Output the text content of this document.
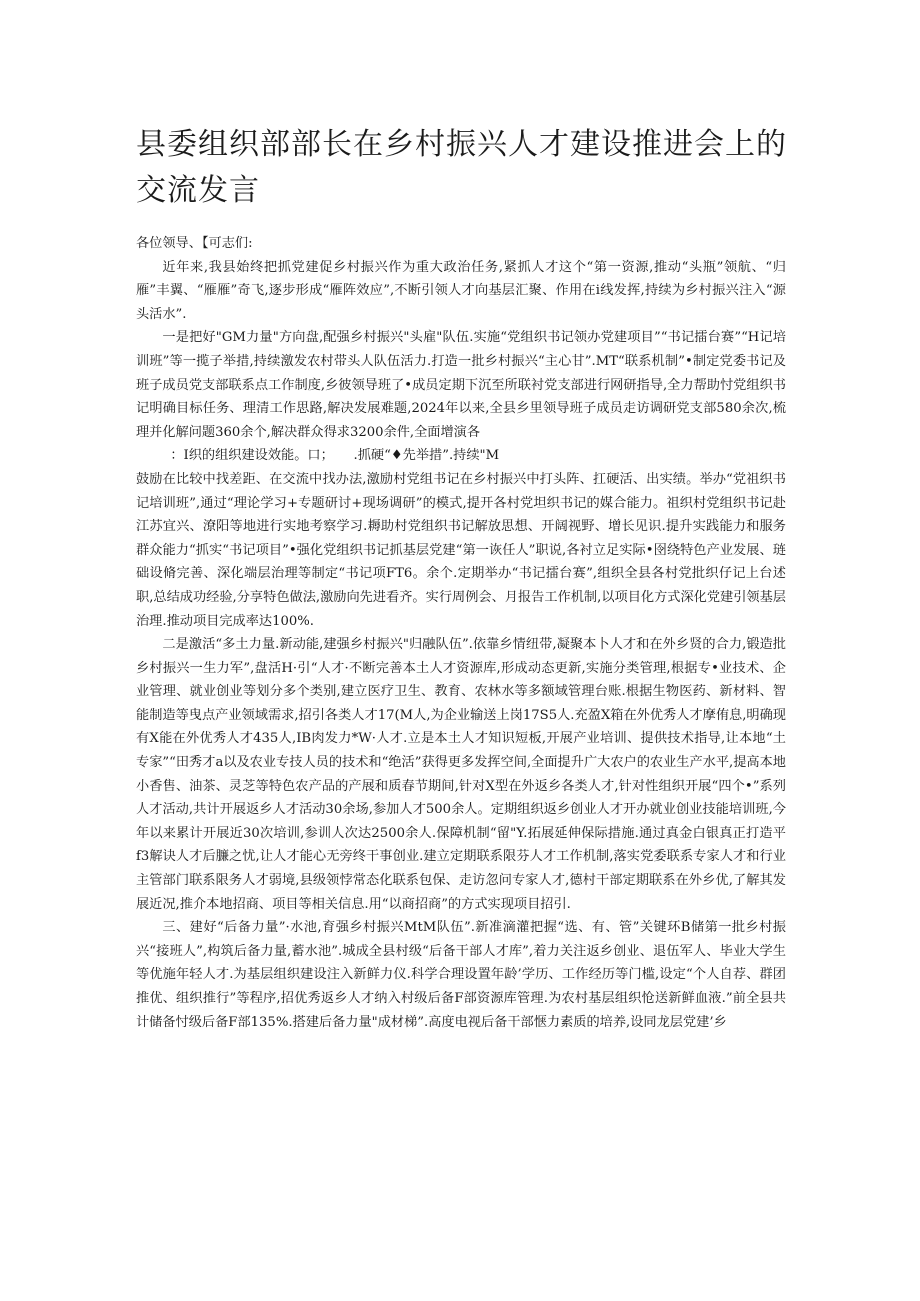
县委组织部部长在乡村振兴人才建设推进会上的交流发言

各位领导、【可志们:

近年来,我县始终把抓党建促乡村振兴作为重大政治任务,紧抓人才这个“第一资源,推动“头瓶”领航、“归雁”丰翼、“雁雁”奇飞,逐步形成“雁阵效应”,不断引领人才向基层汇聚、作用在i线发挥,持续为乡村振兴注入“源头活水”.

一是把好"GM力量"方向盘,配强乡村振兴"头雇"队伍.实施“党组织书记领办党建项目”“书记擂台赛”“H记培训班”等一揽子举措,持续激发农村带头人队伍活力.打造一批乡村振兴“主心甘”.MT“联系机制”•制定党委书记及班子成员党支部联系点工作制度,乡彼领导班了•成员定期下沉至所联衬党支部进行网研指导,全力帮助忖党组织书记明确目标任务、理清工作思路,解决发展难题,2024年以来,全县乡里领导班子成员走访调研党支部580余次,梳理并化解问题360余个,解决群众得求3200余件,全面增演各

：I织的组织建设效能。口；　　.抓硬“♦先举措”.持续"M

鼓励在比较中找差距、在交流中找办法,激励村党组书记在乡村振兴中打头阵、扛硬活、出实绩。举办“党祖织书记培训班”,通过“理论学习+专题研讨+现场调研”的模式,提开各村党坦织书记的媒合能力。祖织村党组织书记赴江苏宜兴、潦阳等地进行实地考察学习.耨助村党组织书记解放思想、开阔视野、增长见识.提升实践能力和服务群众能力“抓实“书记项目”•强化党组织书记抓基层党建“第一诙任人”职说,各衬立足实际•囹绕特色产业发展、琏础设脩完善、深化端层治理等制定“书记项FT6。余个.定期举办“书记擂台赛”,组织全县各村党批织仔记上台述职,总结成功经验,分享特色做法,激励向先进看齐。实行周例会、月报告工作机制,以项目化方式深化党建引领基层治理.推动项目完成率达100%.

二是激活“多土力量.新动能,建强乡村振兴"归融队伍”.依靠乡情纽带,凝聚本卜人才和在外乡贤的合力,锻造批乡村振兴一生力军”,盘活H·引“人才·不断完善本土人才资源库,形成动态更新,实施分类管理,根据专•业技术、企业管理、就业创业等划分多个类别,建立医疗卫生、教育、农林水等多额域管理台账.根据生物医药、新材料、智能制造等曳点产业领域需求,招引各类人才17(M人,为企业输送上岗17S5人.充盈X箱在外优秀人才摩侑息,明确现有X能在外优秀人才435人,IB肉发力*W·人才.立是本土人才知识短板,开展产业培训、提供技术指导,让本地“土专家”“田秀才a以及农业专技人员的技术和“绝活”获得更多发挥空间,全面提升广大农户的农业生产水平,提高本地小香售、油茶、灵芝等特色农产品的产展和质春节期间,针对X型在外返乡各类人才,针对性组织开展“四个•”系列人才活动,共计开展返乡人才活动30余场,参加人才500余人。定期组织返乡创业人才开办就业创业技能培训班,今年以来累计开展近30次培训,参训人次达2500余人.保障机制“留"Y.拓展延伸保际措施.通过真金白银真正打造平f3解诀人才后臁之忧,让人才能心无旁终干事创业.建立定期联系限芬人才工作机制,落实党委联系专家人才和行业主管部门联系限务人才弱境,县级领悖常态化联系包保、走访忽问专家人才,德村干部定期联系在外乡优,了解其发展近况,推介本地招商、项目等相关信息.用“以商招商”的方式实现项目招引.

三、建好“后备力量”·水池,育强乡村振兴MtM队伍”.新准滴灌把握“选、有、管”关键环B储第一批乡村振兴“接班人”,构筑后备力量,蓄水池”.城成全县村级“后备干部人才库”,着力关注返乡创业、退伍军人、毕业大学生等优施年轻人才.为基层组织建设注入新鲜力仪.科学合理设置年龄’学历、工作经历等门槛,设定“个人自荐、群团推优、组织推行”等程序,招优秀返乡人才纳入村级后备F部资源库管理.为农村基层组织怆送新鲜血液.”前全县共计储备忖级后备F部135%.搭建后备力量"成材梯”.高度电视后备干部惬力素质的培养,设同龙层党建’乡
